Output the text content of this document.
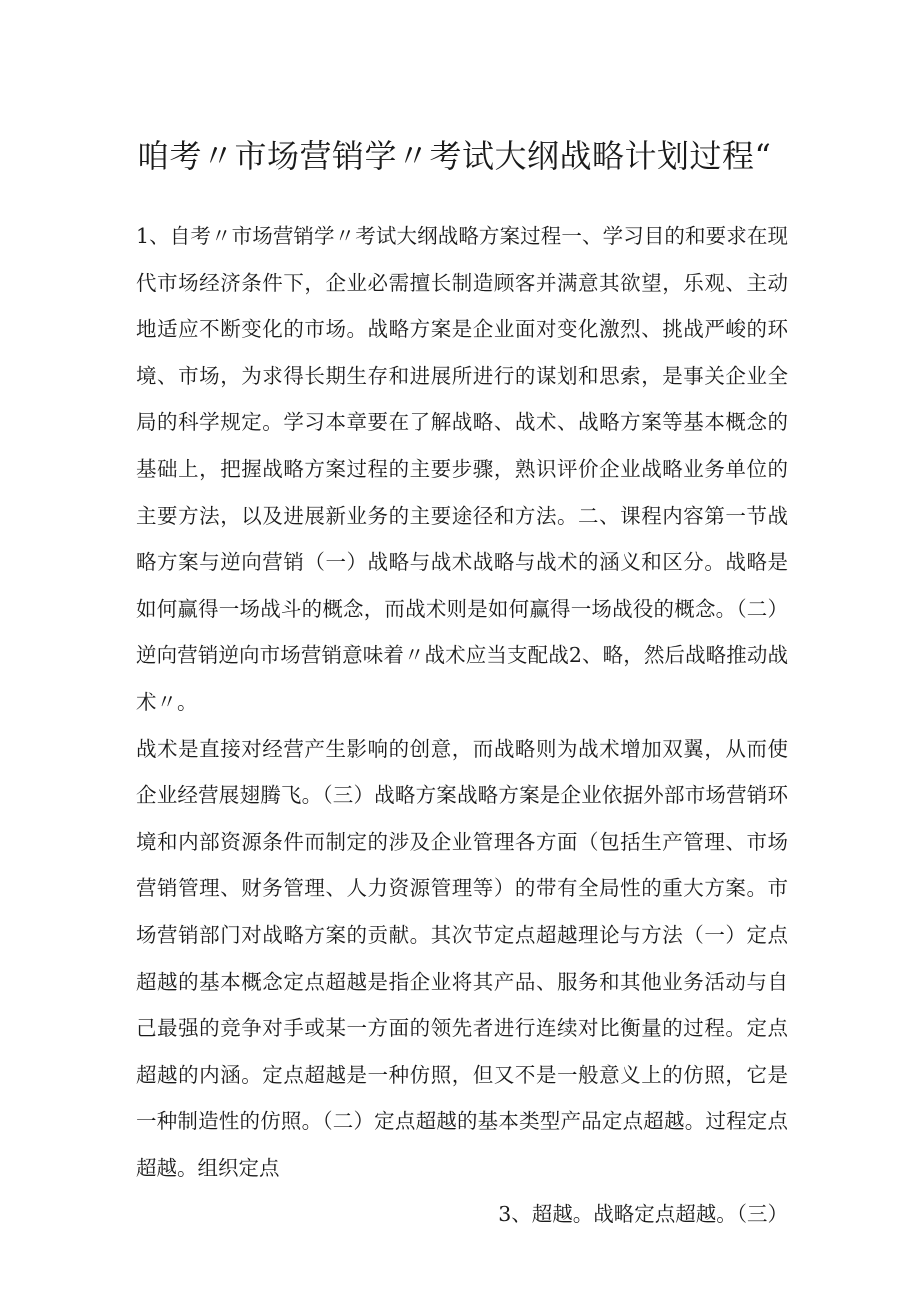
咱考〃市场营销学〃考试大纲战略计划过程“

1、自考〃市场营销学〃考试大纲战略方案过程一、学习目的和要求在现代市场经济条件下，企业必需擅长制造顾客并满意其欲望，乐观、主动地适应不断变化的市场。战略方案是企业面对变化激烈、挑战严峻的环境、市场，为求得长期生存和进展所进行的谋划和思索，是事关企业全局的科学规定。学习本章要在了解战略、战术、战略方案等基本概念的基础上，把握战略方案过程的主要步骤，熟识评价企业战略业务单位的主要方法，以及进展新业务的主要途径和方法。二、课程内容第一节战略方案与逆向营销（一）战略与战术战略与战术的涵义和区分。战略是如何赢得一场战斗的概念，而战术则是如何赢得一场战役的概念。（二）逆向营销逆向市场营销意味着〃战术应当支配战2、略，然后战略推动战术〃。

战术是直接对经营产生影响的创意，而战略则为战术增加双翼，从而使企业经营展翅腾飞。（三）战略方案战略方案是企业依据外部市场营销环境和内部资源条件而制定的涉及企业管理各方面（包括生产管理、市场营销管理、财务管理、人力资源管理等）的带有全局性的重大方案。市场营销部门对战略方案的贡献。其次节定点超越理论与方法（一）定点超越的基本概念定点超越是指企业将其产品、服务和其他业务活动与自己最强的竞争对手或某一方面的领先者进行连续对比衡量的过程。定点超越的内涵。定点超越是一种仿照，但又不是一般意义上的仿照，它是一种制造性的仿照。（二）定点超越的基本类型产品定点超越。过程定点超越。组织定点

3、超越。战略定点超越。（三）
